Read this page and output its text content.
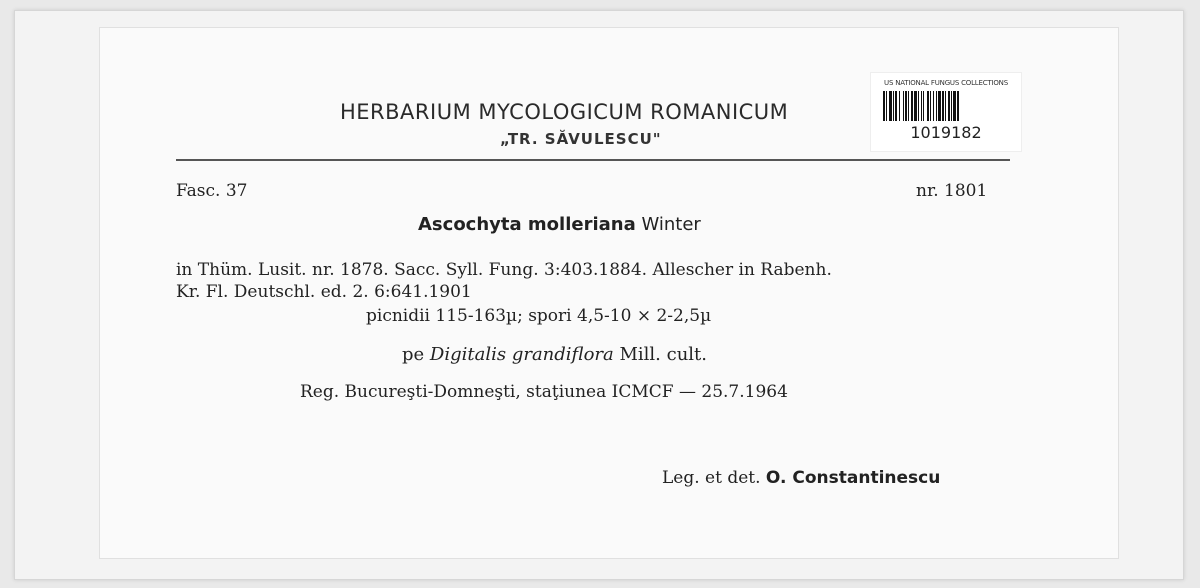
HERBARIUM MYCOLOGICUM ROMANICUM
„TR. SĂVULESCU"
US NATIONAL FUNGUS COLLECTIONS
1019182
Fasc. 37	nr. 1801
Ascochyta molleriana Winter
in Thüm. Lusit. nr. 1878. Sacc. Syll. Fung. 3:403.1884. Allescher in Rabenh.
Kr. Fl. Deutschl. ed. 2. 6:641.1901
picnidii 115-163µ; spori 4,5-10 × 2-2,5µ
pe Digitalis grandiflora Mill. cult.
Reg. Bucureşti-Domneşti, staţiunea ICMCF — 25.7.1964
Leg. et det. O. Constantinescu
